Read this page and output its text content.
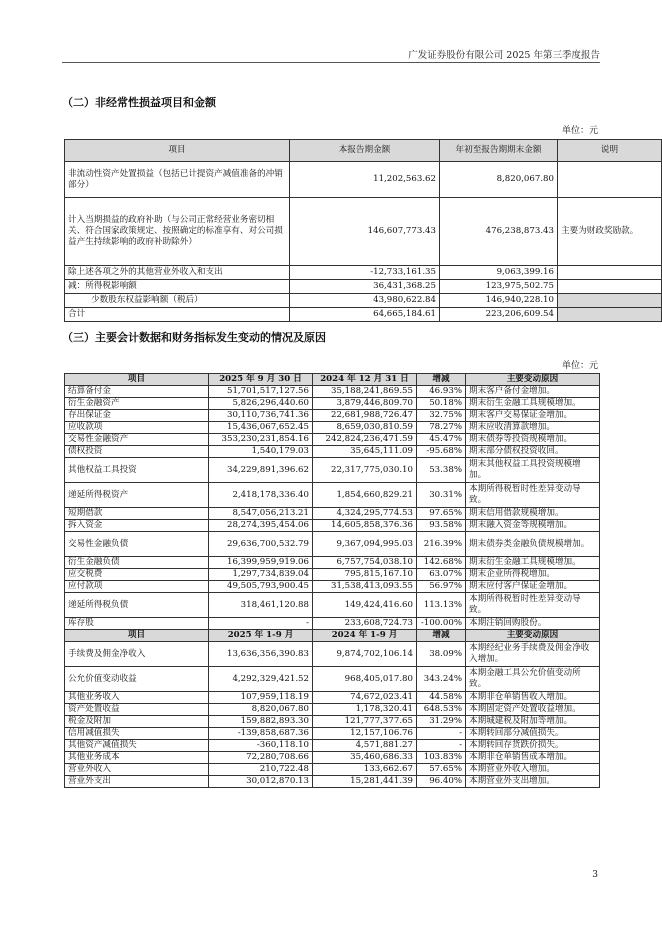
广发证券股份有限公司 2025 年第三季度报告
（二）非经常性损益项目和金额
单位：元
项目	本报告期金额	年初至报告期期末金额	说明
非流动性资产处置损益（包括已计提资产减值准备的冲销部分）	11,202,563.62	8,820,067.80	
计入当期损益的政府补助（与公司正常经营业务密切相关、符合国家政策规定、按照确定的标准享有、对公司损益产生持续影响的政府补助除外）	146,607,773.43	476,238,873.43	主要为财政奖励款。
除上述各项之外的其他营业外收入和支出	-12,733,161.35	9,063,399.16	
减：所得税影响额	36,431,368.25	123,975,502.75	
少数股东权益影响额（税后）	43,980,622.84	146,940,228.10	
合计	64,665,184.61	223,206,609.54	
（三）主要会计数据和财务指标发生变动的情况及原因
单位：元
项目	2025 年 9 月 30 日	2024 年 12 月 31 日	增减	主要变动原因
结算备付金	51,701,517,127.56	35,188,241,869.55	46.93%	期末客户备付金增加。
衍生金融资产	5,826,296,440.60	3,879,446,809.70	50.18%	期末衍生金融工具规模增加。
存出保证金	30,110,736,741.36	22,681,988,726.47	32.75%	期末客户交易保证金增加。
应收款项	15,436,067,652.45	8,659,030,810.59	78.27%	期末应收清算款增加。
交易性金融资产	353,230,231,854.16	242,824,236,471.59	45.47%	期末债券等投资规模增加。
债权投资	1,540,179.03	35,645,111.09	-95.68%	期末部分债权投资收回。
其他权益工具投资	34,229,891,396.62	22,317,775,030.10	53.38%	期末其他权益工具投资规模增加。
递延所得税资产	2,418,178,336.40	1,854,660,829.21	30.31%	本期所得税暂时性差异变动导致。
短期借款	8,547,056,213.21	4,324,295,774.53	97.65%	期末信用借款规模增加。
拆入资金	28,274,395,454.06	14,605,858,376.36	93.58%	期末融入资金等规模增加。
交易性金融负债	29,636,700,532.79	9,367,094,995.03	216.39%	期末债券类金融负债规模增加。
衍生金融负债	16,399,959,919.06	6,757,754,038.10	142.68%	期末衍生金融工具规模增加。
应交税费	1,297,734,839.04	795,815,167.10	63.07%	期末企业所得税增加。
应付款项	49,505,793,900.45	31,538,413,093.55	56.97%	期末应付客户保证金增加。
递延所得税负债	318,461,120.88	149,424,416.60	113.13%	本期所得税暂时性差异变动导致。
库存股	-	233,608,724.73	-100.00%	本期注销回购股份。
项目	2025 年 1-9 月	2024 年 1-9 月	增减	主要变动原因
手续费及佣金净收入	13,636,356,390.83	9,874,702,106.14	38.09%	本期经纪业务手续费及佣金净收入增加。
公允价值变动收益	4,292,329,421.52	968,405,017.80	343.24%	本期金融工具公允价值变动所致。
其他业务收入	107,959,118.19	74,672,023.41	44.58%	本期非仓单销售收入增加。
资产处置收益	8,820,067.80	1,178,320.41	648.53%	本期固定资产处置收益增加。
税金及附加	159,882,893.30	121,777,377.65	31.29%	本期城建税及附加等增加。
信用减值损失	-139,858,687.36	12,157,106.76	-	本期转回部分减值损失。
其他资产减值损失	-360,118.10	4,571,881.27	-	本期转回存货跌价损失。
其他业务成本	72,280,708.66	35,460,686.33	103.83%	本期非仓单销售成本增加。
营业外收入	210,722.48	133,662.67	57.65%	本期营业外收入增加。
营业外支出	30,012,870.13	15,281,441.39	96.40%	本期营业外支出增加。
3
